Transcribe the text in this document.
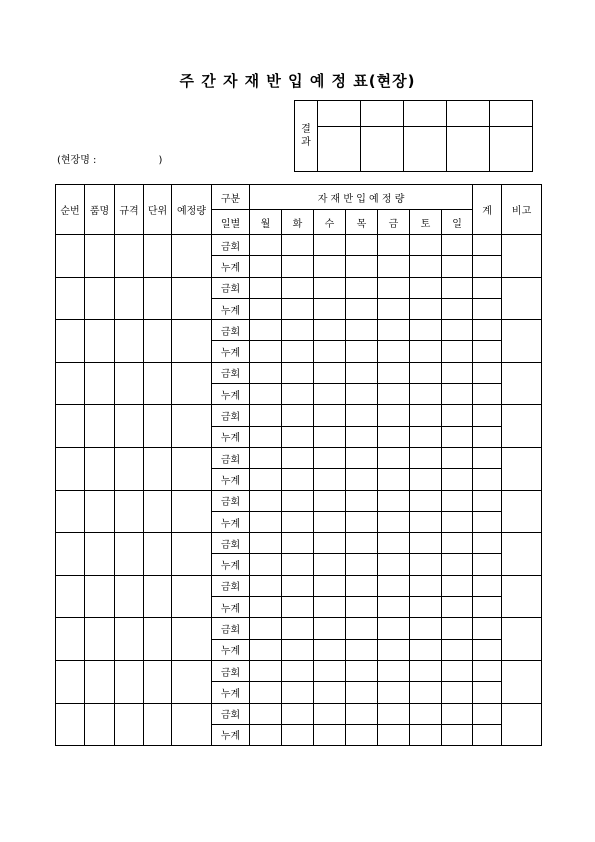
주 간 자 재 반 입 예 정 표(현장)
결
과					

(현장명 :	)
순번	품명	규격	단위	예정량	구분	자 재 반 입 예 정 량							계	비고
					일별	월	화	수	목	금	토	일		
					금회									
					누계									
					금회									
					누계									
					금회									
					누계									
					금회									
					누계									
					금회									
					누계									
					금회									
					누계									
					금회									
					누계									
					금회									
					누계									
					금회									
					누계									
					금회									
					누계									
					금회									
					누계									
					금회									
					누계									
